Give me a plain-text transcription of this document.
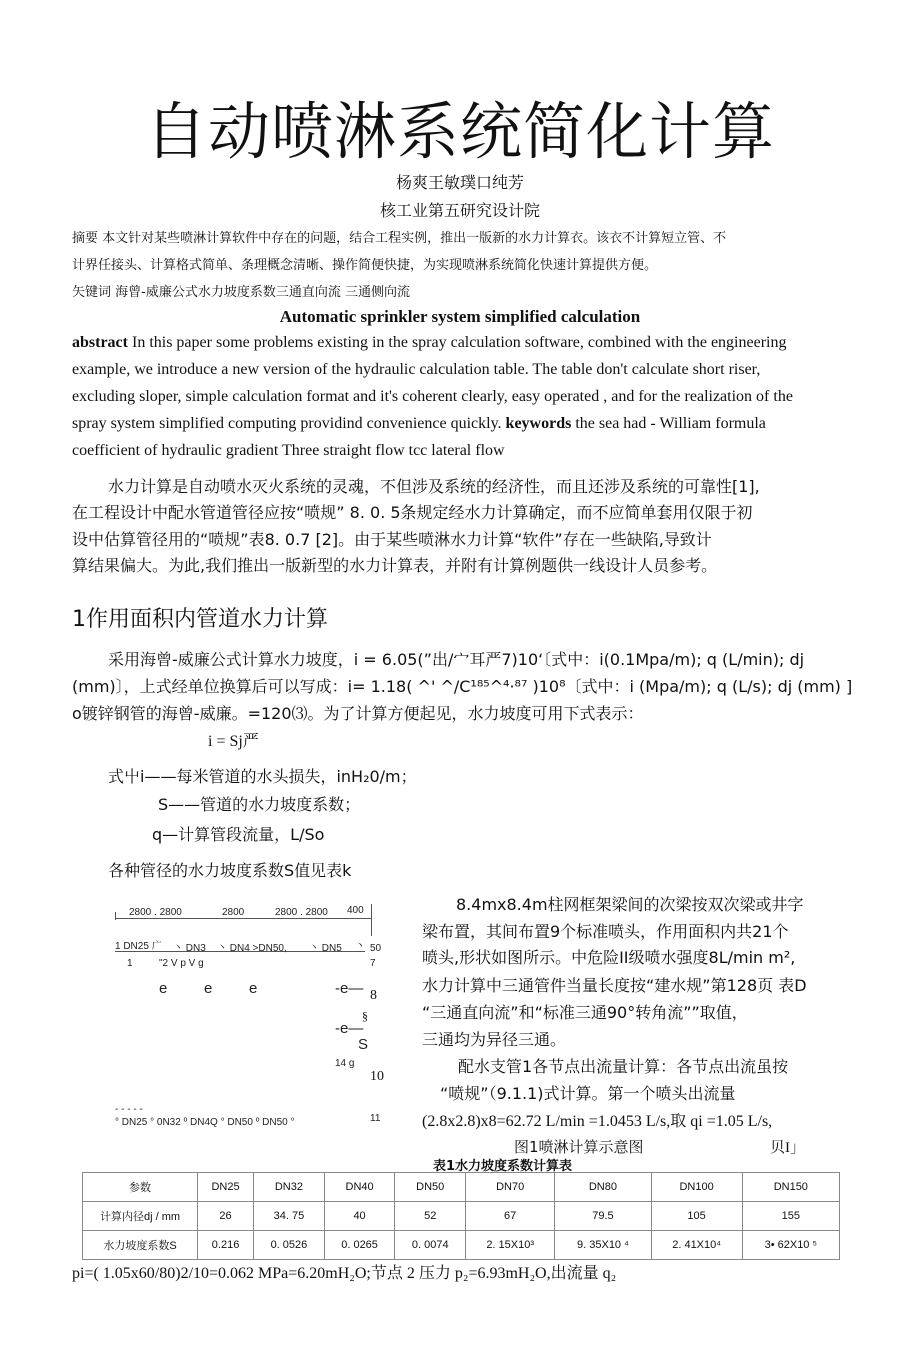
自动喷淋系统简化计算
杨爽王敏璞口纯芳
核工业第五研究设计院
摘要 本文针对某些喷淋计算软件中存在的问题，结合工程实例，推出一版新的水力计算衣。该衣不计算短立管、不
计界任接头、计算格式简单、条理概念清晰、操作简便快捷，为实现喷淋系统简化快速计算提供方便。
矢键词 海曾-威廉公式水力坡度系数三通直向流 三通侧向流
Automatic sprinkler system simplified calculation
abstract In this paper some problems existing in the spray calculation software, combined with the engineering
example, we introduce a new version of the hydraulic calculation table. The table don't calculate short riser,
excluding sloper, simple calculation format and it's coherent clearly, easy operated , and for the realization of the
spray system simplified computing providind convenience quickly. keywords the sea had - William formula
coefficient of hydraulic gradient Three straight flow tcc lateral flow
水力计算是自动喷水灭火系统的灵魂，不但涉及系统的经济性，而且还涉及系统的可靠性[1],
在工程设计中配水管道管径应按“喷规” 8. 0. 5条规定经水力计算确定，而不应简单套用仅限于初
设中估算管径用的“喷规”表8. 0.7 [2]。由于某些喷淋水力计算“软件”存在一些缺陷,导致计
算结果偏大。为此,我们推出一版新型的水力计算表，并附有计算例题供一线设计人员参考。
1作用面积内管道水力计算
采用海曾-威廉公式计算水力坡度，i = 6.05(”出/宀耳严7)10‘〔式中：i(0.1Mpa/m); q (L/min); dj
(mm)〕，上式经单位换算后可以写成：i= 1.18( ^' ^/C¹⁸⁵^⁴·⁸⁷ )10⁸〔式中：i (Mpa/m); q (L/s); dj (mm) ]
o镀锌钢管的海曾-威廉。=120⑶。为了计算方便起见，水力坡度可用下式表示：
i = Sj严
式屮i——每米管道的水头损失，inH₂0/m；
S——管道的水力坡度系数；
q—计算管段流量，L/So
各种管径的水力坡度系数S值见表k
8.4mx8.4m柱网框架梁间的次梁按双次梁或井字
梁布置，其间布置9个标准喷头，作用面积内共21个
喷头,形状如图所示。中危险II级喷水强度8L/min m²,
水力计算中三通管件当量长度按“建水规”第128页 表D
“三通直向流”和“标准三通90°转角流””取值，
三通均为异径三通。
配水支管1各节点出流量计算：各节点出流虽按
“喷规”（9.1.1)式计算。第一个喷头出流量
(2.8x2.8)x8=62.72 L/min =1.0453 L/s,取 qi =1.05 L/s,
图1喷淋计算示意图	贝I」
2800 . 2800	2800	2800 . 2800 400
1 DN25 广 丶 DN3 丶 DN4 >DN50, 丶 DN5 丶 50
1	"2 V p V g	7
e e e	-e— 8
§
-e—
S
14 g
10
- - - - -
° DN25 ° 0N32 º DN4Q ° DN50 º DN50 °	11
表1水力坡度系数计算表
参数	DN25	DN32	DN40	DN50	DN70	DN80	DN100	DN150
计算内径dj / mm	26	34. 75	40	52	67	79.5	105	155
水力坡度系数S	0.216	0. 0526	0. 0265	0. 0074	2. 15X10³	9. 35X10 ⁴	2. 41X10⁴	3• 62X10 ⁵
pi=( 1.05x60/80)2/10=0.062 MPa=6.20mH₂O;节点 2 压力 p₂=6.93mH₂O,出流量 q₂
